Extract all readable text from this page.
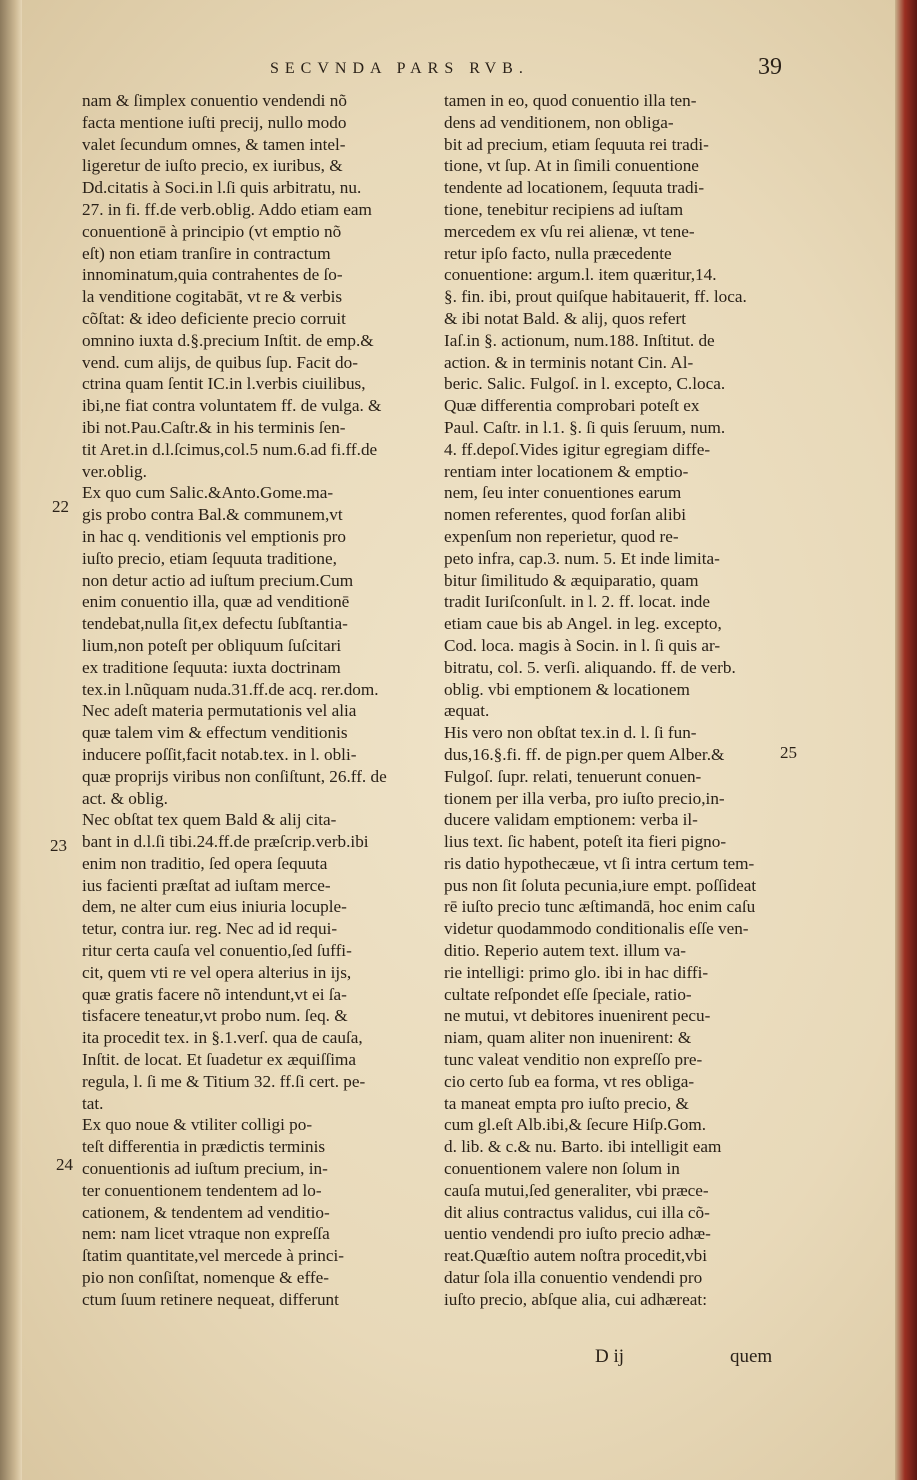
SECVNDA PARS RVB.	39
nam & ſimplex conuentio vendendi nõ
facta mentione iuſti precij, nullo modo
valet ſecundum omnes, & tamen intel-
ligeretur de iuſto precio, ex iuribus, &
Dd.citatis à Soci.in l.ſi quis arbitratu, nu.
27. in fi. ff.de verb.oblig. Addo etiam eam
conuentionē à principio (vt emptio nõ
eſt) non etiam tranſire in contractum
innominatum,quia contrahentes de ſo-
la venditione cogitabāt, vt re & verbis
cõſtat: & ideo deficiente precio corruit
omnino iuxta d.§.precium Inſtit. de emp.&
vend. cum alijs, de quibus ſup. Facit do-
ctrina quam ſentit IC.in l.verbis ciuilibus,
ibi,ne fiat contra voluntatem ff. de vulga. &
ibi not.Pau.Caſtr.& in his terminis ſen-
tit Aret.in d.l.ſcimus,col.5 num.6.ad fi.ff.de
ver.oblig.
Ex quo cum Salic.&Anto.Gome.ma-
gis probo contra Bal.& communem,vt
in hac q. venditionis vel emptionis pro
iuſto precio, etiam ſequuta traditione,
non detur actio ad iuſtum precium.Cum
enim conuentio illa, quæ ad venditionē
tendebat,nulla ſit,ex defectu ſubſtantia-
lium,non poteſt per obliquum ſuſcitari
ex traditione ſequuta: iuxta doctrinam
tex.in l.nũquam nuda.31.ff.de acq. rer.dom.
Nec adeſt materia permutationis vel alia
quæ talem vim & effectum venditionis
inducere poſſit,facit notab.tex. in l. obli-
quæ proprijs viribus non conſiſtunt, 26.ff. de
act. & oblig.
Nec obſtat tex quem Bald & alij cita-
bant in d.l.ſi tibi.24.ff.de præſcrip.verb.ibi
enim non traditio, ſed opera ſequuta
ius facienti præſtat ad iuſtam merce-
dem, ne alter cum eius iniuria locuple-
tetur, contra iur. reg. Nec ad id requi-
ritur certa cauſa vel conuentio,ſed ſuffi-
cit, quem vti re vel opera alterius in ijs,
quæ gratis facere nõ intendunt,vt ei ſa-
tisfacere teneatur,vt probo num. ſeq. &
ita procedit tex. in §.1.verſ. qua de cauſa,
Inſtit. de locat. Et ſuadetur ex æquiſſima
regula, l. ſi me & Titium 32. ff.ſi cert. pe-
tat.
Ex quo noue & vtiliter colligi po-
teſt differentia in prædictis terminis
conuentionis ad iuſtum precium, in-
ter conuentionem tendentem ad lo-
cationem, & tendentem ad venditio-
nem: nam licet vtraque non expreſſa
ſtatim quantitate,vel mercede à princi-
pio non conſiſtat, nomenque & effe-
ctum ſuum retinere nequeat, differunt
tamen in eo, quod conuentio illa ten-
dens ad venditionem, non obliga-
bit ad precium, etiam ſequuta rei tradi-
tione, vt ſup. At in ſimili conuentione
tendente ad locationem, ſequuta tradi-
tione, tenebitur recipiens ad iuſtam
mercedem ex vſu rei alienæ, vt tene-
retur ipſo facto, nulla præcedente
conuentione: argum.l. item quæritur,14.
§. fin. ibi, prout quiſque habitauerit, ff. loca.
& ibi notat Bald. & alij, quos refert
Iaſ.in §. actionum, num.188. Inſtitut. de
action. & in terminis notant Cin. Al-
beric. Salic. Fulgoſ. in l. excepto, C.loca.
Quæ differentia comprobari poteſt ex
Paul. Caſtr. in l.1. §. ſi quis ſeruum, num.
4. ff.depoſ.Vides igitur egregiam diffe-
rentiam inter locationem & emptio-
nem, ſeu inter conuentiones earum
nomen referentes, quod forſan alibi
expenſum non reperietur, quod re-
peto infra, cap.3. num. 5. Et inde limita-
bitur ſimilitudo & æquiparatio, quam
tradit Iuriſconſult. in l. 2. ff. locat. inde
etiam caue bis ab Angel. in leg. excepto,
Cod. loca. magis à Socin. in l. ſi quis ar-
bitratu, col. 5. verſi. aliquando. ff. de verb.
oblig. vbi emptionem & locationem
æquat.
His vero non obſtat tex.in d. l. ſi fun-
dus,16.§.fi. ff. de pign.per quem Alber.&
Fulgoſ. ſupr. relati, tenuerunt conuen-
tionem per illa verba, pro iuſto precio,in-
ducere validam emptionem: verba il-
lius text. ſic habent, poteſt ita fieri pigno-
ris datio hypothecæue, vt ſi intra certum tem-
pus non ſit ſoluta pecunia,iure empt. poſſideat
rē iuſto precio tunc æſtimandā, hoc enim caſu
videtur quodammodo conditionalis eſſe ven-
ditio. Reperio autem text. illum va-
rie intelligi: primo glo. ibi in hac diffi-
cultate reſpondet eſſe ſpeciale, ratio-
ne mutui, vt debitores inuenirent pecu-
niam, quam aliter non inuenirent: &
tunc valeat venditio non expreſſo pre-
cio certo ſub ea forma, vt res obliga-
ta maneat empta pro iuſto precio, &
cum gl.eſt Alb.ibi,& ſecure Hiſp.Gom.
d. lib. & c.& nu. Barto. ibi intelligit eam
conuentionem valere non ſolum in
cauſa mutui,ſed generaliter, vbi præce-
dit alius contractus validus, cui illa cõ-
uentio vendendi pro iuſto precio adhæ-
reat.Quæſtio autem noſtra procedit,vbi
datur ſola illa conuentio vendendi pro
iuſto precio, abſque alia, cui adhæreat:
22
23
24
25
D ij	quem
